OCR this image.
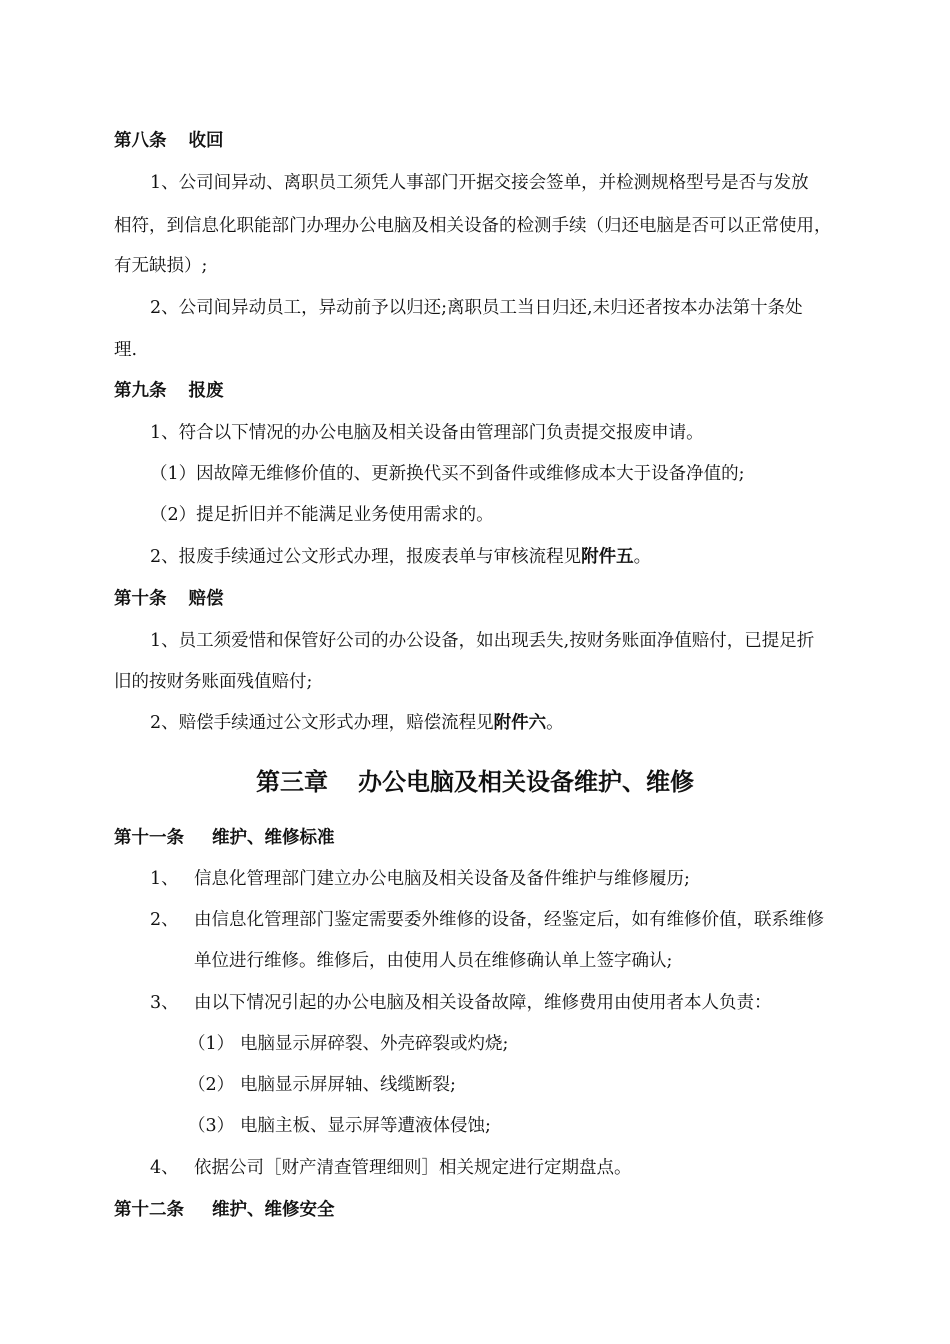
第八条 收回
1、公司间异动、离职员工须凭人事部门开据交接会签单，并检测规格型号是否与发放
相符，到信息化职能部门办理办公电脑及相关设备的检测手续（归还电脑是否可以正常使用，
有无缺损）;
2、公司间异动员工，异动前予以归还;离职员工当日归还,未归还者按本办法第十条处
理.
第九条 报废
1、符合以下情况的办公电脑及相关设备由管理部门负责提交报废申请。
（1）因故障无维修价值的、更新换代买不到备件或维修成本大于设备净值的;
（2）提足折旧并不能满足业务使用需求的。
2、报废手续通过公文形式办理，报废表单与审核流程见附件五。
第十条 赔偿
1、员工须爱惜和保管好公司的办公设备，如出现丢失,按财务账面净值赔付，已提足折
旧的按财务账面残值赔付;
2、赔偿手续通过公文形式办理，赔偿流程见附件六。
第三章 办公电脑及相关设备维护、维修
第十一条 维护、维修标准
1、 信息化管理部门建立办公电脑及相关设备及备件维护与维修履历;
2、 由信息化管理部门鉴定需要委外维修的设备，经鉴定后，如有维修价值，联系维修
单位进行维修。维修后，由使用人员在维修确认单上签字确认;
3、 由以下情况引起的办公电脑及相关设备故障，维修费用由使用者本人负责：
（1） 电脑显示屏碎裂、外壳碎裂或灼烧;
（2） 电脑显示屏屏轴、线缆断裂;
（3） 电脑主板、显示屏等遭液体侵蚀;
4、 依据公司［财产清查管理细则］相关规定进行定期盘点。
第十二条 维护、维修安全
